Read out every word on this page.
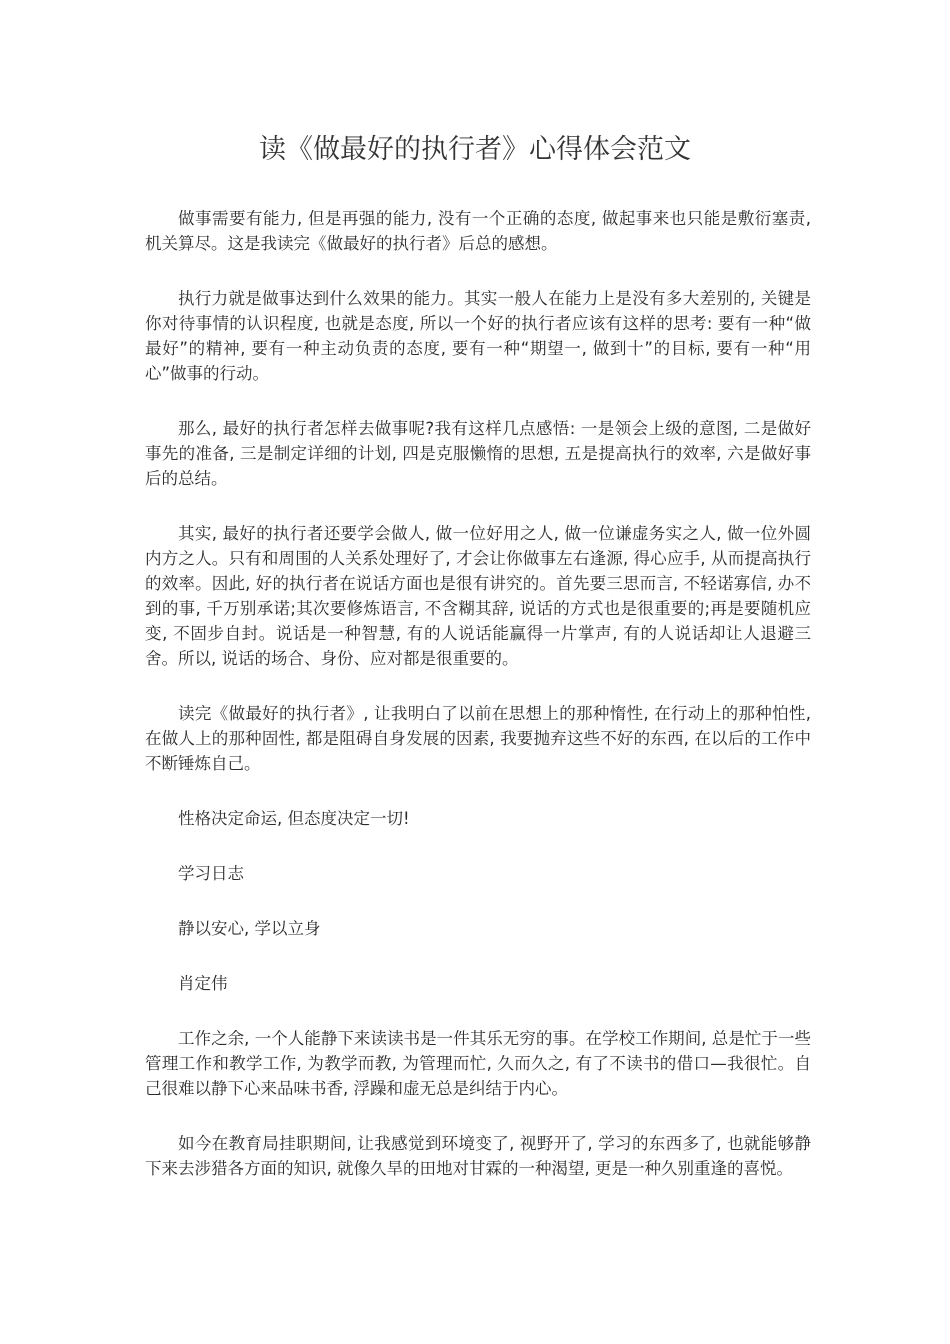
读《做最好的执行者》心得体会范文

做事需要有能力, 但是再强的能力, 没有一个正确的态度, 做起事来也只能是敷衍塞责, 机关算尽。这是我读完《做最好的执行者》后总的感想。

执行力就是做事达到什么效果的能力。其实一般人在能力上是没有多大差别的, 关键是你对待事情的认识程度, 也就是态度, 所以一个好的执行者应该有这样的思考: 要有一种“做最好”的精神, 要有一种主动负责的态度, 要有一种“期望一, 做到十”的目标, 要有一种“用心”做事的行动。

那么, 最好的执行者怎样去做事呢?我有这样几点感悟: 一是领会上级的意图, 二是做好事先的准备, 三是制定详细的计划, 四是克服懒惰的思想, 五是提高执行的效率, 六是做好事后的总结。

其实, 最好的执行者还要学会做人, 做一位好用之人, 做一位谦虚务实之人, 做一位外圆内方之人。只有和周围的人关系处理好了, 才会让你做事左右逢源, 得心应手, 从而提高执行的效率。因此, 好的执行者在说话方面也是很有讲究的。首先要三思而言, 不轻诺寡信, 办不到的事, 千万别承诺;其次要修炼语言, 不含糊其辞, 说话的方式也是很重要的;再是要随机应变, 不固步自封。说话是一种智慧, 有的人说话能赢得一片掌声, 有的人说话却让人退避三舍。所以, 说话的场合、身份、应对都是很重要的。

读完《做最好的执行者》, 让我明白了以前在思想上的那种惰性, 在行动上的那种怕性, 在做人上的那种固性, 都是阻碍自身发展的因素, 我要抛弃这些不好的东西, 在以后的工作中不断锤炼自己。

性格决定命运, 但态度决定一切!

学习日志

静以安心, 学以立身

肖定伟

工作之余, 一个人能静下来读读书是一件其乐无穷的事。在学校工作期间, 总是忙于一些管理工作和教学工作, 为教学而教, 为管理而忙, 久而久之, 有了不读书的借口—我很忙。自己很难以静下心来品味书香, 浮躁和虚无总是纠结于内心。

如今在教育局挂职期间, 让我感觉到环境变了, 视野开了, 学习的东西多了, 也就能够静下来去涉猎各方面的知识, 就像久旱的田地对甘霖的一种渴望, 更是一种久别重逢的喜悦。
